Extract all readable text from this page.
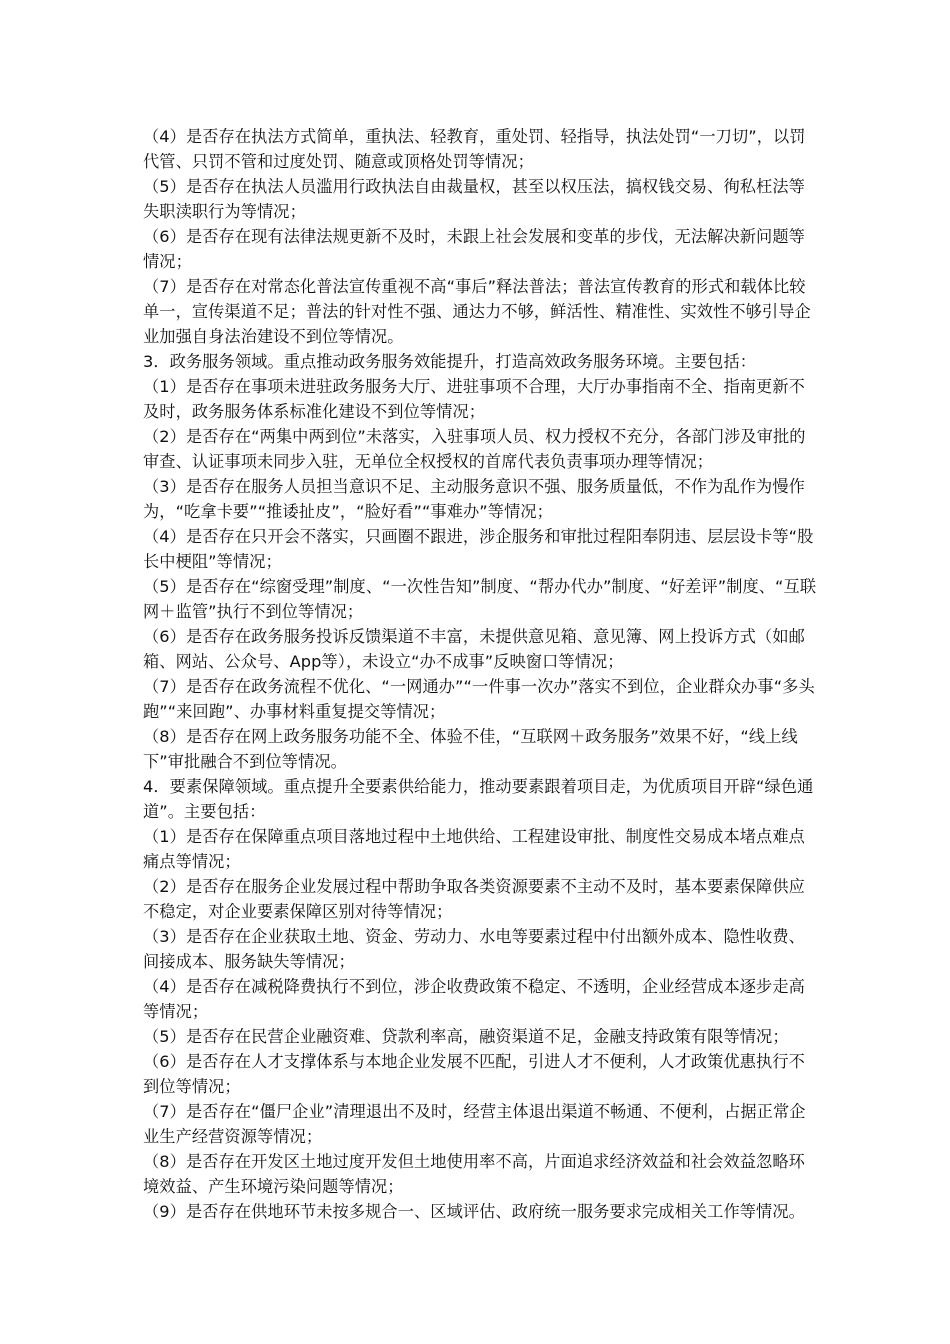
（4）是否存在执法方式简单，重执法、轻教育，重处罚、轻指导，执法处罚“一刀切”，以罚代管、只罚不管和过度处罚、随意或顶格处罚等情况；

（5）是否存在执法人员滥用行政执法自由裁量权，甚至以权压法，搞权钱交易、徇私枉法等失职渎职行为等情况；

（6）是否存在现有法律法规更新不及时，未跟上社会发展和变革的步伐，无法解决新问题等情况；

（7）是否存在对常态化普法宣传重视不高“事后”释法普法；普法宣传教育的形式和载体比较单一，宣传渠道不足；普法的针对性不强、通达力不够，鲜活性、精准性、实效性不够引导企业加强自身法治建设不到位等情况。

3．政务服务领域。重点推动政务服务效能提升，打造高效政务服务环境。主要包括：

（1）是否存在事项未进驻政务服务大厅、进驻事项不合理，大厅办事指南不全、指南更新不及时，政务服务体系标准化建设不到位等情况；

（2）是否存在“两集中两到位”未落实，入驻事项人员、权力授权不充分，各部门涉及审批的审查、认证事项未同步入驻，无单位全权授权的首席代表负责事项办理等情况；

（3）是否存在服务人员担当意识不足、主动服务意识不强、服务质量低，不作为乱作为慢作为，“吃拿卡要”“推诿扯皮”，“脸好看”“事难办”等情况；

（4）是否存在只开会不落实，只画圈不跟进，涉企服务和审批过程阳奉阴违、层层设卡等“股长中梗阻”等情况；

（5）是否存在“综窗受理”制度、“一次性告知”制度、“帮办代办”制度、“好差评”制度、“互联网＋监管”执行不到位等情况；

（6）是否存在政务服务投诉反馈渠道不丰富，未提供意见箱、意见簿、网上投诉方式（如邮箱、网站、公众号、App等），未设立“办不成事”反映窗口等情况；

（7）是否存在政务流程不优化、“一网通办”“一件事一次办”落实不到位，企业群众办事“多头跑”“来回跑”、办事材料重复提交等情况；

（8）是否存在网上政务服务功能不全、体验不佳，“互联网＋政务服务”效果不好，“线上线下”审批融合不到位等情况。

4．要素保障领域。重点提升全要素供给能力，推动要素跟着项目走，为优质项目开辟“绿色通道”。主要包括：

（1）是否存在保障重点项目落地过程中土地供给、工程建设审批、制度性交易成本堵点难点痛点等情况；

（2）是否存在服务企业发展过程中帮助争取各类资源要素不主动不及时，基本要素保障供应不稳定，对企业要素保障区别对待等情况；

（3）是否存在企业获取土地、资金、劳动力、水电等要素过程中付出额外成本、隐性收费、间接成本、服务缺失等情况；

（4）是否存在减税降费执行不到位，涉企收费政策不稳定、不透明，企业经营成本逐步走高等情况；

（5）是否存在民营企业融资难、贷款利率高，融资渠道不足，金融支持政策有限等情况；

（6）是否存在人才支撑体系与本地企业发展不匹配，引进人才不便利，人才政策优惠执行不到位等情况；

（7）是否存在“僵尸企业”清理退出不及时，经营主体退出渠道不畅通、不便利，占据正常企业生产经营资源等情况；

（8）是否存在开发区土地过度开发但土地使用率不高，片面追求经济效益和社会效益忽略环境效益、产生环境污染问题等情况；

（9）是否存在供地环节未按多规合一、区域评估、政府统一服务要求完成相关工作等情况。
